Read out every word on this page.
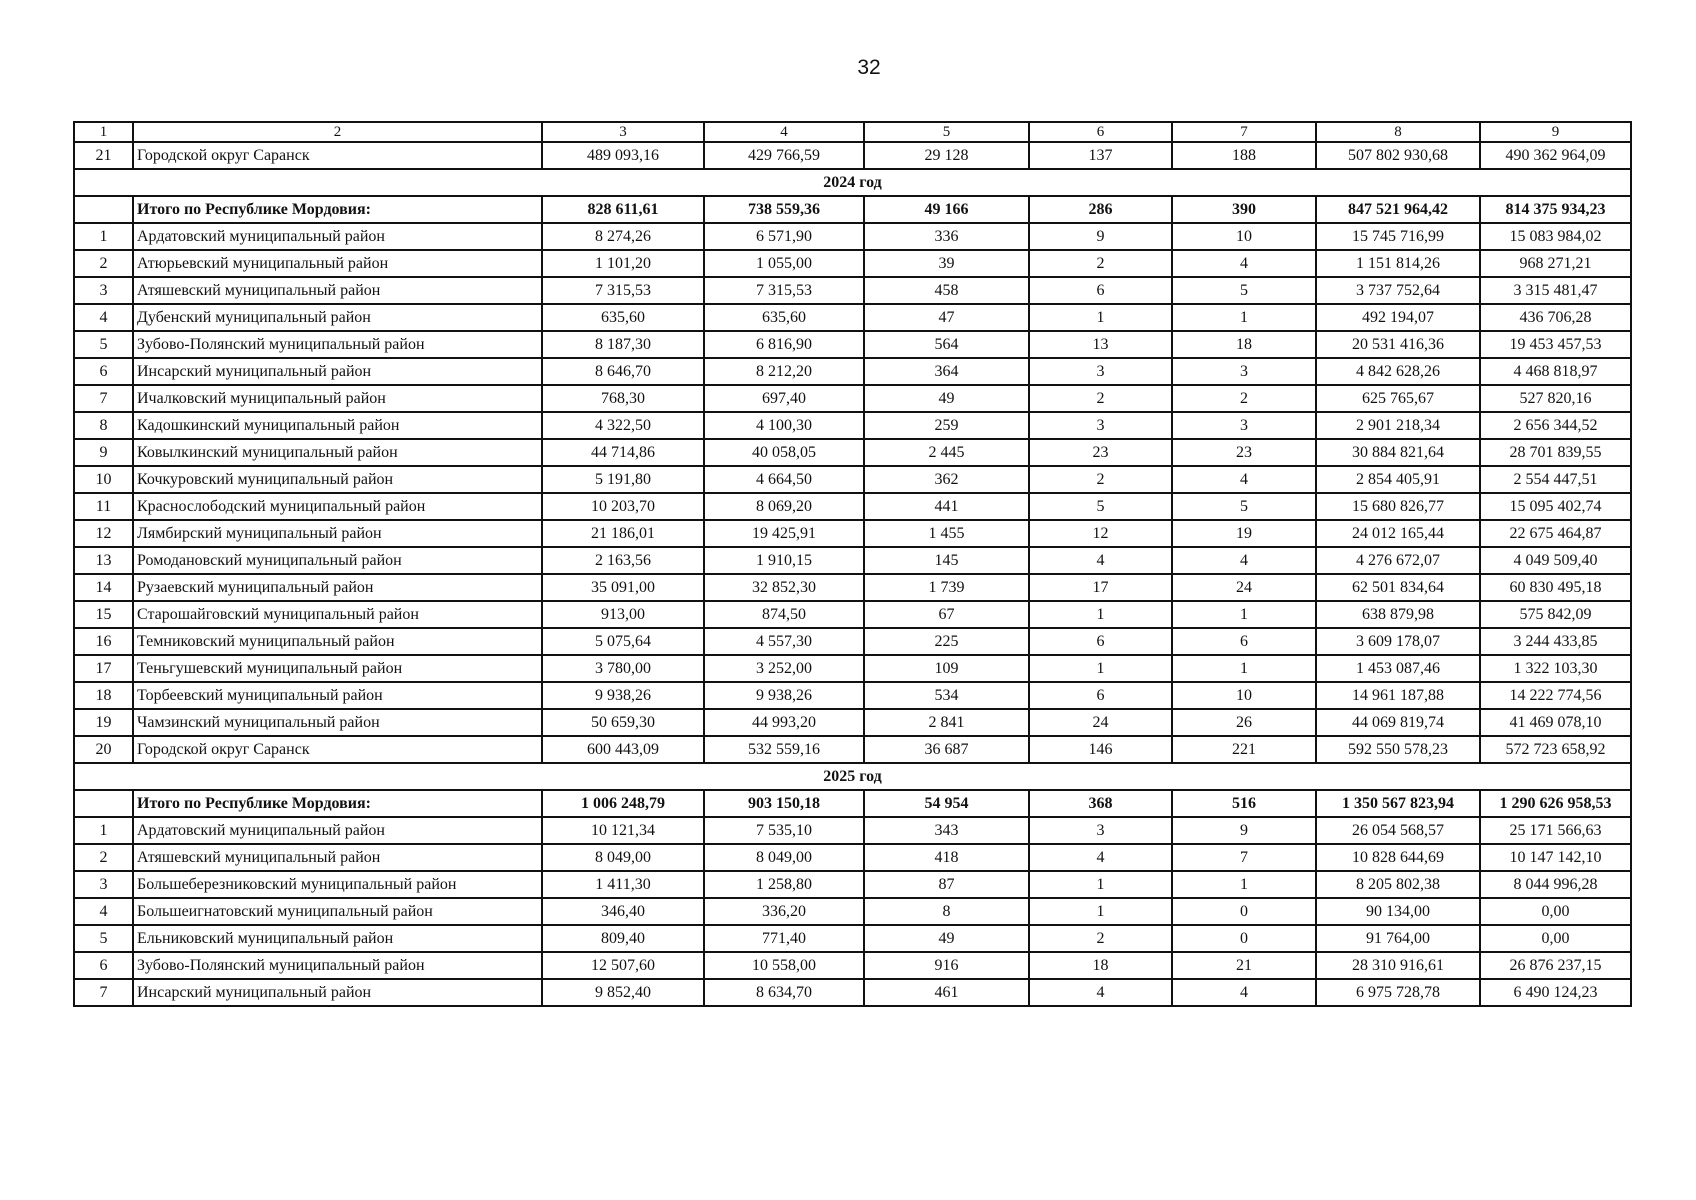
32
1	2	3	4	5	6	7	8	9
21	Городской округ Саранск	489 093,16	429 766,59	29 128	137	188	507 802 930,68	490 362 964,09
2024 год								
	Итого по Республике Мордовия:	828 611,61	738 559,36	49 166	286	390	847 521 964,42	814 375 934,23
1	Ардатовский муниципальный район	8 274,26	6 571,90	336	9	10	15 745 716,99	15 083 984,02
2	Атюрьевский муниципальный район	1 101,20	1 055,00	39	2	4	1 151 814,26	968 271,21
3	Атяшевский муниципальный район	7 315,53	7 315,53	458	6	5	3 737 752,64	3 315 481,47
4	Дубенский муниципальный район	635,60	635,60	47	1	1	492 194,07	436 706,28
5	Зубово-Полянский муниципальный район	8 187,30	6 816,90	564	13	18	20 531 416,36	19 453 457,53
6	Инсарский муниципальный район	8 646,70	8 212,20	364	3	3	4 842 628,26	4 468 818,97
7	Ичалковский муниципальный район	768,30	697,40	49	2	2	625 765,67	527 820,16
8	Кадошкинский муниципальный район	4 322,50	4 100,30	259	3	3	2 901 218,34	2 656 344,52
9	Ковылкинский муниципальный район	44 714,86	40 058,05	2 445	23	23	30 884 821,64	28 701 839,55
10	Кочкуровский муниципальный район	5 191,80	4 664,50	362	2	4	2 854 405,91	2 554 447,51
11	Краснослободский муниципальный район	10 203,70	8 069,20	441	5	5	15 680 826,77	15 095 402,74
12	Лямбирский муниципальный район	21 186,01	19 425,91	1 455	12	19	24 012 165,44	22 675 464,87
13	Ромодановский муниципальный район	2 163,56	1 910,15	145	4	4	4 276 672,07	4 049 509,40
14	Рузаевский муниципальный район	35 091,00	32 852,30	1 739	17	24	62 501 834,64	60 830 495,18
15	Старошайговский муниципальный район	913,00	874,50	67	1	1	638 879,98	575 842,09
16	Темниковский муниципальный район	5 075,64	4 557,30	225	6	6	3 609 178,07	3 244 433,85
17	Теньгушевский муниципальный район	3 780,00	3 252,00	109	1	1	1 453 087,46	1 322 103,30
18	Торбеевский муниципальный район	9 938,26	9 938,26	534	6	10	14 961 187,88	14 222 774,56
19	Чамзинский муниципальный район	50 659,30	44 993,20	2 841	24	26	44 069 819,74	41 469 078,10
20	Городской округ Саранск	600 443,09	532 559,16	36 687	146	221	592 550 578,23	572 723 658,92
2025 год								
	Итого по Республике Мордовия:	1 006 248,79	903 150,18	54 954	368	516	1 350 567 823,94	1 290 626 958,53
1	Ардатовский муниципальный район	10 121,34	7 535,10	343	3	9	26 054 568,57	25 171 566,63
2	Атяшевский муниципальный район	8 049,00	8 049,00	418	4	7	10 828 644,69	10 147 142,10
3	Большеберезниковский муниципальный район	1 411,30	1 258,80	87	1	1	8 205 802,38	8 044 996,28
4	Большеигнатовский муниципальный район	346,40	336,20	8	1	0	90 134,00	0,00
5	Ельниковский муниципальный район	809,40	771,40	49	2	0	91 764,00	0,00
6	Зубово-Полянский муниципальный район	12 507,60	10 558,00	916	18	21	28 310 916,61	26 876 237,15
7	Инсарский муниципальный район	9 852,40	8 634,70	461	4	4	6 975 728,78	6 490 124,23
